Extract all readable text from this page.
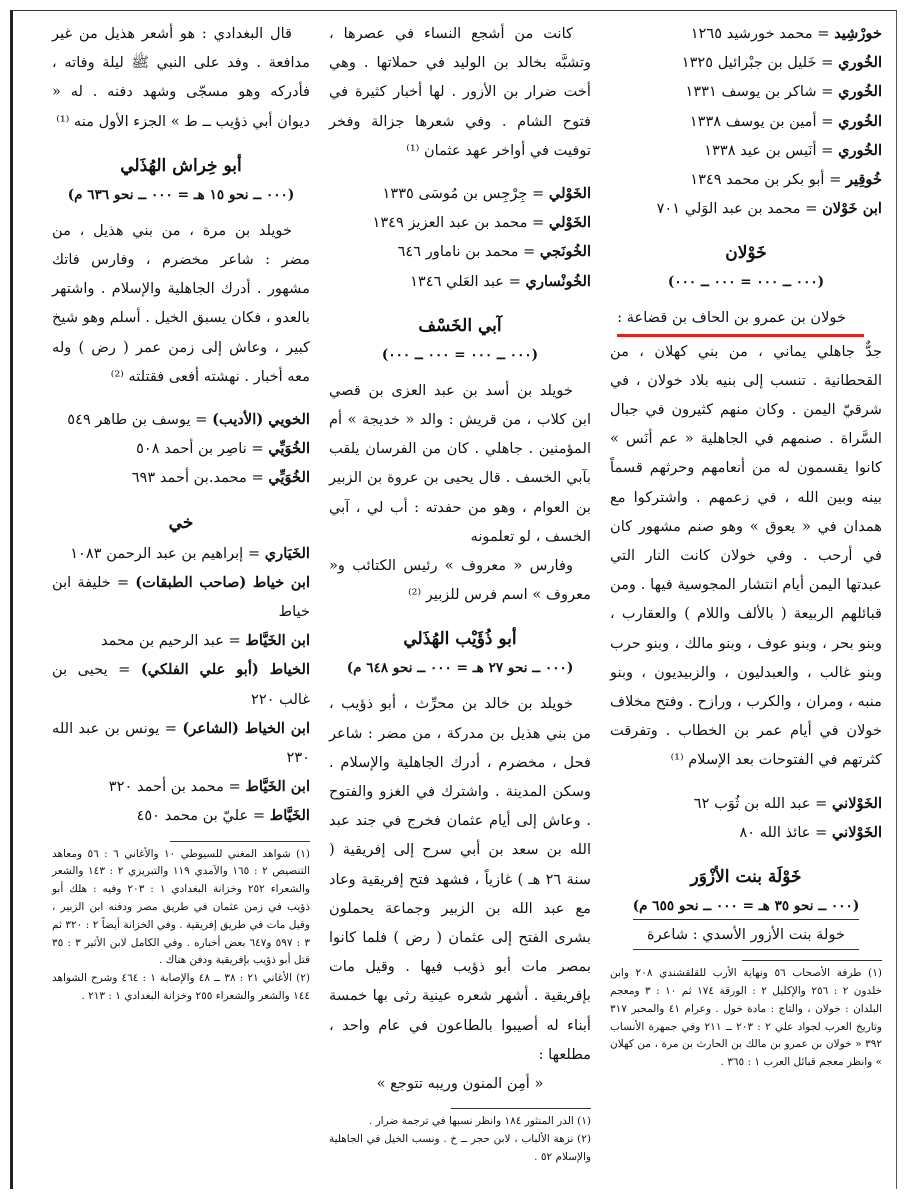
خورْشِيد = محمد خورشيد ١٢٦٥

الخُوري = خَليل بن جبْرائيل ١٣٢٥

الخُوري = شاكر بن يوسف ١٣٣١

الخُوري = أمين بن يوسف ١٣٣٨

الخُوري = أنَيس بن عيد ١٣٣٨

خُوقِير = أبو بكر بن محمد ١٣٤٩

ابن خَوْلان = محمد بن عبد الوَلي ٧٠١

خَوْلان

(٠٠٠ ــ ٠٠٠ = ٠٠٠ ــ ٠٠٠)

خولان بن عمرو بن الحاف بن قضاعة : جدٌّ جاهلي يماني ، من بني كهلان ، من القحطانية . تنسب إلى بنيه بلاد خولان ، في شرقيّ اليمن . وكان منهم كثيرون في جبال السَّراة . صنمهم في الجاهلية « عم أنَس » كانوا يقسمون له من أنعامهم وحرثهم قسماً بينه وبين الله ، في زعمهم . واشتركوا مع همدان في « يعوق » وهو صنم مشهور كان في أرحب . وفي خولان كانت النار التي عبدتها اليمن أيام انتشار المجوسية فيها . ومن قبائلهم الربيعة ( بالألف واللام ) والعقارب ، وبنو بحر ، وبنو عوف ، وبنو مالك ، وبنو حرب وبنو غالب ، والعبدليون ، والزبيديون ، وبنو منبه ، ومران ، والكرب ، ورازح . وفتح مخلاف خولان في أيام عمر بن الخطاب . وتفرقت كثرتهم في الفتوحات بعد الإسلام ⁽¹⁾

الخَوْلاني = عبد الله بن ثُوَب ٦٢

الخَوْلاني = عائذ الله ٨٠

خَوْلَة بنت الأزْوَر

(٠٠٠ ــ نحو ٣٥ هـ = ٠٠٠ ــ نحو ٦٥٥ م)

خولة بنت الأزور الأسدي : شاعرة

(١) طرفة الأصحاب ٥٦ ونهاية الأرب للقلقشندي ٢٠٨ وابن خلدون ٢ : ٢٥٦ والإكليل ٢ : الورقة ١٧٤ ثم ١٠ : ٣ ومعجم البلدان : خولان ، والتاج : مادة خول . وعرام ٤١ والمحبر ٣١٧ وتاريخ العرب لجواد علي ٢ : ٢٠٣ ــ ٢١١ وفي جمهرة الأنساب ٣٩٢ « خولان بن عمرو بن مالك بن الحارث بن مرة ، من كهلان » وانظر معجم قبائل العرب ١ : ٣٦٥ .

كانت من أشجع النساء في عصرها ، وتشبَّه بخالد بن الوليد في حملاتها . وهي أخت ضرار بن الأزور . لها أخبار كثيرة في فتوح الشام . وفي شعرها جزالة وفخر توفيت في أواخر عهد عثمان ⁽¹⁾

الخَوْلي = جِرْجِس بن مُوسَى ١٣٣٥

الخَوْلي = محمد بن عبد العزيز ١٣٤٩

الخُونَجي = محمد بن ناماور ٦٤٦

الخُونْساري = عبد العَلي ١٣٤٦

آبي الخَسْف

(٠٠٠ ــ ٠٠٠ = ٠٠٠ ــ ٠٠٠)

خويلد بن أسد بن عبد العزى بن قصي ابن كلاب ، من قريش : والد « خديجة » أم المؤمنين . جاهلي . كان من الفرسان يلقب بآبي الخسف . قال يحيى بن عروة بن الزبير بن العوام ، وهو من حفدته : أب لي ، آبي الخسف ، لو تعلمونه

وفارس « معروف » رئيس الكتائب و« معروف » اسم فرس للزبير ⁽²⁾

أبو ذُؤَيْب الهُذَلي

(٠٠٠ ــ نحو ٢٧ هـ = ٠٠٠ ــ نحو ٦٤٨ م)

خويلد بن خالد بن محرِّث ، أبو ذؤيب ، من بني هذيل بن مدركة ، من مضر : شاعر فحل ، مخضرم ، أدرك الجاهلية والإسلام . وسكن المدينة . واشترك في الغزو والفتوح . وعاش إلى أيام عثمان فخرج في جند عبد الله بن سعد بن أبي سرح إلى إفريقية ( سنة ٢٦ هـ ) غازياً ، فشهد فتح إفريقية وعاد مع عبد الله بن الزبير وجماعة يحملون بشرى الفتح إلى عثمان ( رض ) فلما كانوا بمصر مات أبو ذؤيب فيها . وقيل مات بإفريقية . أشهر شعره عينية رثى بها خمسة أبناء له أصيبوا بالطاعون في عام واحد ، مطلعها :

« أمِن المنون وريبه تتوجع »

(١) الدر المنثور ١٨٤ وانظر نسبها في ترجمة ضرار .

(٢) نزهة الألباب ، لابن حجر ــ خ . ونسب الخيل في الجاهلية والإسلام ٥٢ .

قال البغدادي : هو أشعر هذيل من غير مدافعة . وفد على النبي ﷺ ليلة وفاته ، فأدركه وهو مسجّى وشهد دفنه . له « ديوان أبي ذؤيب ــ ط » الجزء الأول منه ⁽¹⁾

أبو خِراش الهُذَلي

(٠٠٠ ــ نحو ١٥ هـ = ٠٠٠ ــ نحو ٦٣٦ م)

خويلد بن مرة ، من بني هذيل ، من مضر : شاعر مخضرم ، وفارس فاتك مشهور . أدرك الجاهلية والإسلام . واشتهر بالعدو ، فكان يسبق الخيل . أسلم وهو شيخ كبير ، وعاش إلى زمن عمر ( رض ) وله معه أخبار . نهشته أفعى فقتلته ⁽²⁾

الخويي (الأديب) = يوسف بن طاهر ٥٤٩

الخُوَيِّي = ناصِر بن أحمد ٥٠٨

الخُوَيِّي = محمد.بن أحمد ٦٩٣

خي

الخَيَاري = إبراهيم بن عبد الرحمن ١٠٨٣

ابن خياط (صاحب الطبقات) = خليفة ابن خياط

ابن الخَيَّاط = عبد الرحيم بن محمد

الخياط (أبو علي الفلكي) = يحيى بن غالب ٢٢٠

ابن الخياط (الشاعر) = يونس بن عبد الله ٢٣٠

ابن الخَيَّاط = محمد بن أحمد ٣٢٠

الخَيَّاط = عليّ بن محمد ٤٥٠

(١) شواهد المغني للسيوطي ١٠ والأغاني ٦ : ٥٦ ومعاهد التنصيص ٢ : ١٦٥ والآمدي ١١٩ والتبريزي ٢ : ١٤٣ والشعر والشعراء ٢٥٢ وخزانة البغدادي ١ : ٢٠٣ وفيه : هلك أبو ذؤيب في زمن عثمان في طريق مصر ودفنه ابن الزبير ، وقيل مات في طريق إفريقية . وفي الخزانة أيضاً ٢ : ٣٢٠ ثم ٣ : ٥٩٧ و٦٤٧ بعض أخباره . وفي الكامل لابن الأثير ٣ : ٣٥ قتل أبو ذؤيب بإفريقية ودفن هناك .

(٢) الأغاني ٢١ : ٣٨ ــ ٤٨ والإصابة ١ : ٤٦٤ وشرح الشواهد ١٤٤ والشعر والشعراء ٢٥٥ وخزانة البغدادي ١ : ٢١٣ .
